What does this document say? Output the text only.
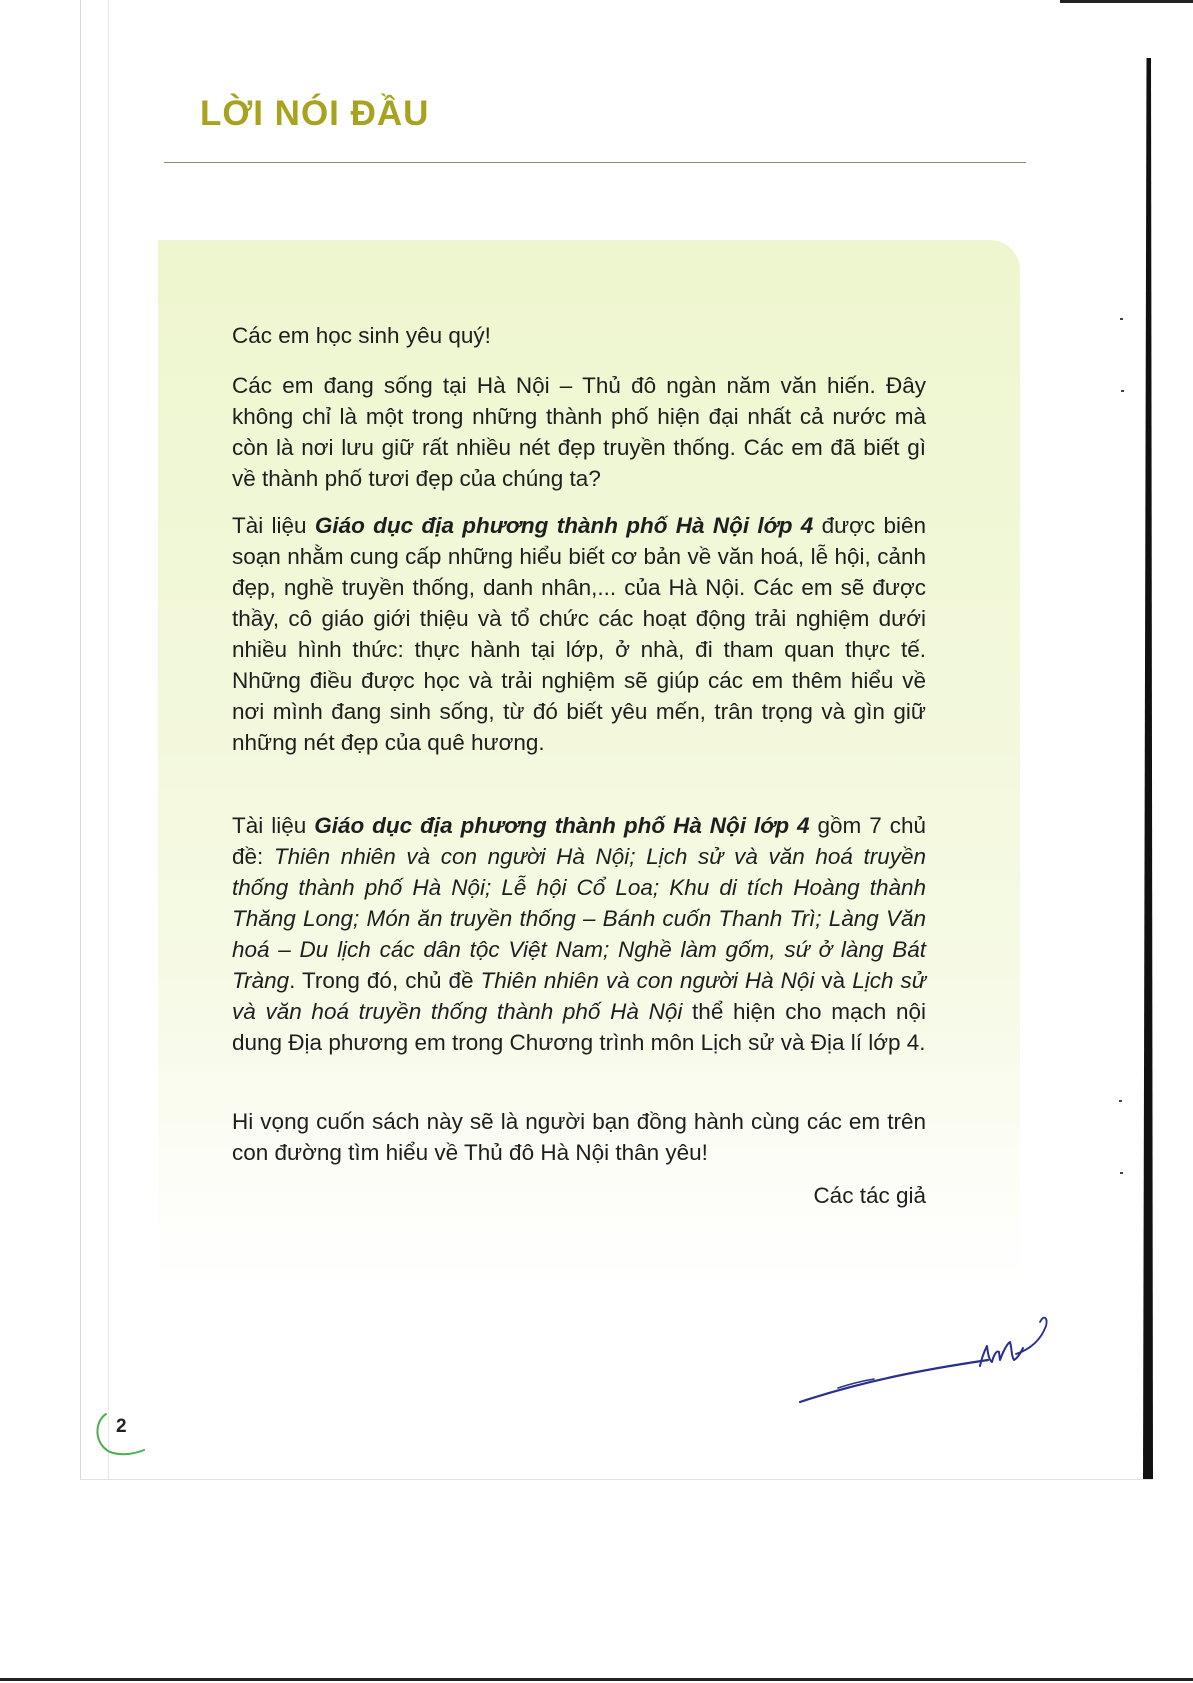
LỜI NÓI ĐẦU

Các em học sinh yêu quý!

Các em đang sống tại Hà Nội – Thủ đô ngàn năm văn hiến. Đây không chỉ là một trong những thành phố hiện đại nhất cả nước mà còn là nơi lưu giữ rất nhiều nét đẹp truyền thống. Các em đã biết gì về thành phố tươi đẹp của chúng ta?

Tài liệu Giáo dục địa phương thành phố Hà Nội lớp 4 được biên soạn nhằm cung cấp những hiểu biết cơ bản về văn hoá, lễ hội, cảnh đẹp, nghề truyền thống, danh nhân,... của Hà Nội. Các em sẽ được thầy, cô giáo giới thiệu và tổ chức các hoạt động trải nghiệm dưới nhiều hình thức: thực hành tại lớp, ở nhà, đi tham quan thực tế. Những điều được học và trải nghiệm sẽ giúp các em thêm hiểu về nơi mình đang sinh sống, từ đó biết yêu mến, trân trọng và gìn giữ những nét đẹp của quê hương.

Tài liệu Giáo dục địa phương thành phố Hà Nội lớp 4 gồm 7 chủ đề: Thiên nhiên và con người Hà Nội; Lịch sử và văn hoá truyền thống thành phố Hà Nội; Lễ hội Cổ Loa; Khu di tích Hoàng thành Thăng Long; Món ăn truyền thống – Bánh cuốn Thanh Trì; Làng Văn hoá – Du lịch các dân tộc Việt Nam; Nghề làm gốm, sứ ở làng Bát Tràng. Trong đó, chủ đề Thiên nhiên và con người Hà Nội và Lịch sử và văn hoá truyền thống thành phố Hà Nội thể hiện cho mạch nội dung Địa phương em trong Chương trình môn Lịch sử và Địa lí lớp 4.

Hi vọng cuốn sách này sẽ là người bạn đồng hành cùng các em trên con đường tìm hiểu về Thủ đô Hà Nội thân yêu!

Các tác giả
2
